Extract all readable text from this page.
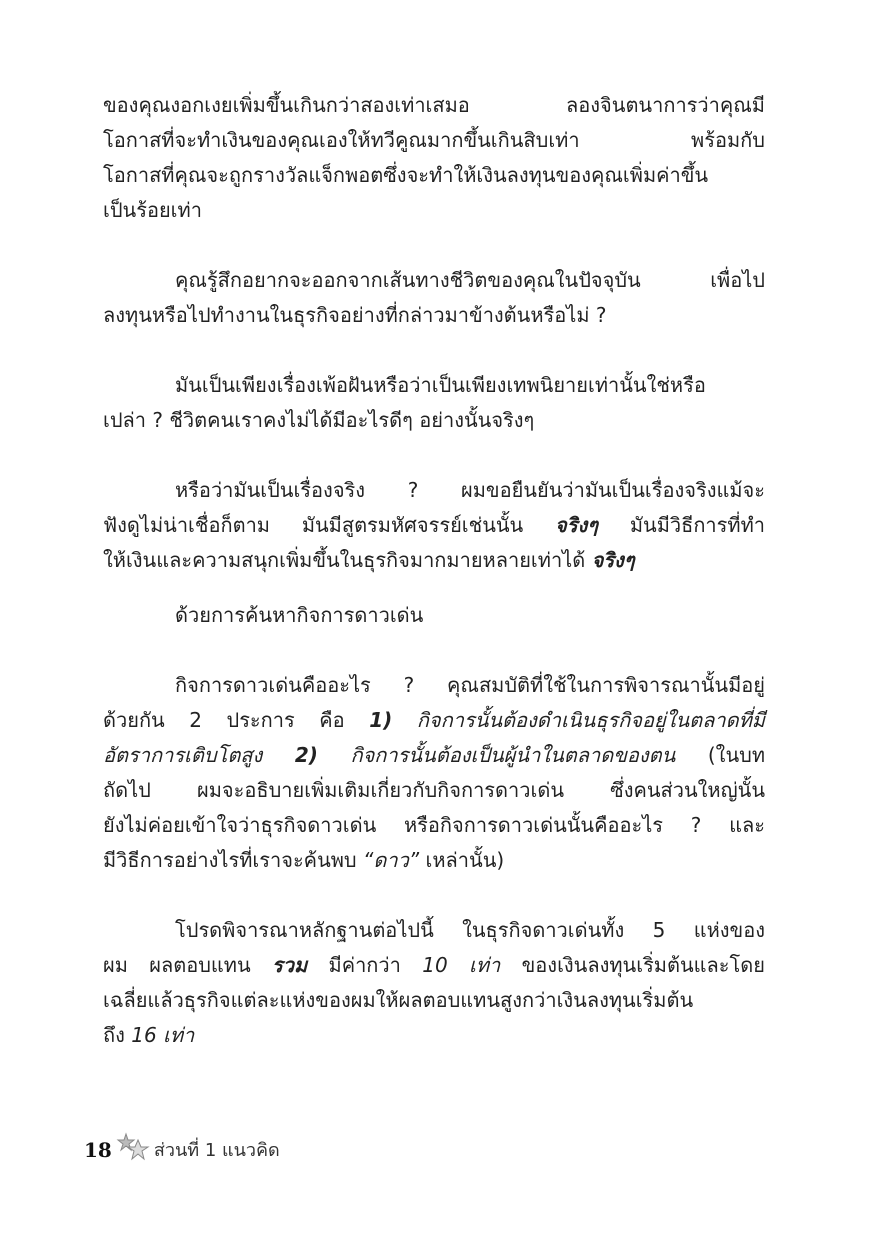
ของคุณงอกเงยเพิ่มขึ้นเกินกว่าสองเท่าเสมอ ลองจินตนาการว่าคุณมี
โอกาสที่จะทำเงินของคุณเองให้ทวีคูณมากขึ้นเกินสิบเท่า พร้อมกับ
โอกาสที่คุณจะถูกรางวัลแจ็กพอตซึ่งจะทำให้เงินลงทุนของคุณเพิ่มค่าขึ้น
เป็นร้อยเท่า
คุณรู้สึกอยากจะออกจากเส้นทางชีวิตของคุณในปัจจุบัน เพื่อไป
ลงทุนหรือไปทำงานในธุรกิจอย่างที่กล่าวมาข้างต้นหรือไม่ ?
มันเป็นเพียงเรื่องเพ้อฝันหรือว่าเป็นเพียงเทพนิยายเท่านั้นใช่หรือ
เปล่า ? ชีวิตคนเราคงไม่ได้มีอะไรดีๆ อย่างนั้นจริงๆ
หรือว่ามันเป็นเรื่องจริง ? ผมขอยืนยันว่ามันเป็นเรื่องจริงแม้จะ
ฟังดูไม่น่าเชื่อก็ตาม มันมีสูตรมหัศจรรย์เช่นนั้น จริงๆ มันมีวิธีการที่ทำ
ให้เงินและความสนุกเพิ่มขึ้นในธุรกิจมากมายหลายเท่าได้ จริงๆ
ด้วยการค้นหากิจการดาวเด่น
กิจการดาวเด่นคืออะไร ? คุณสมบัติที่ใช้ในการพิจารณานั้นมีอยู่
ด้วยกัน 2 ประการ คือ 1) กิจการนั้นต้องดำเนินธุรกิจอยู่ในตลาดที่มี
อัตราการเติบโตสูง 2) กิจการนั้นต้องเป็นผู้นำในตลาดของตน (ในบท
ถัดไป ผมจะอธิบายเพิ่มเติมเกี่ยวกับกิจการดาวเด่น ซึ่งคนส่วนใหญ่นั้น
ยังไม่ค่อยเข้าใจว่าธุรกิจดาวเด่น หรือกิจการดาวเด่นนั้นคืออะไร ? และ
มีวิธีการอย่างไรที่เราจะค้นพบ “ดาว” เหล่านั้น)
โปรดพิจารณาหลักฐานต่อไปนี้ ในธุรกิจดาวเด่นทั้ง 5 แห่งของ
ผม ผลตอบแทน รวม มีค่ากว่า 10 เท่า ของเงินลงทุนเริ่มต้นและโดย
เฉลี่ยแล้วธุรกิจแต่ละแห่งของผมให้ผลตอบแทนสูงกว่าเงินลงทุนเริ่มต้น
ถึง 16 เท่า
18 ส่วนที่ 1 แนวคิด
